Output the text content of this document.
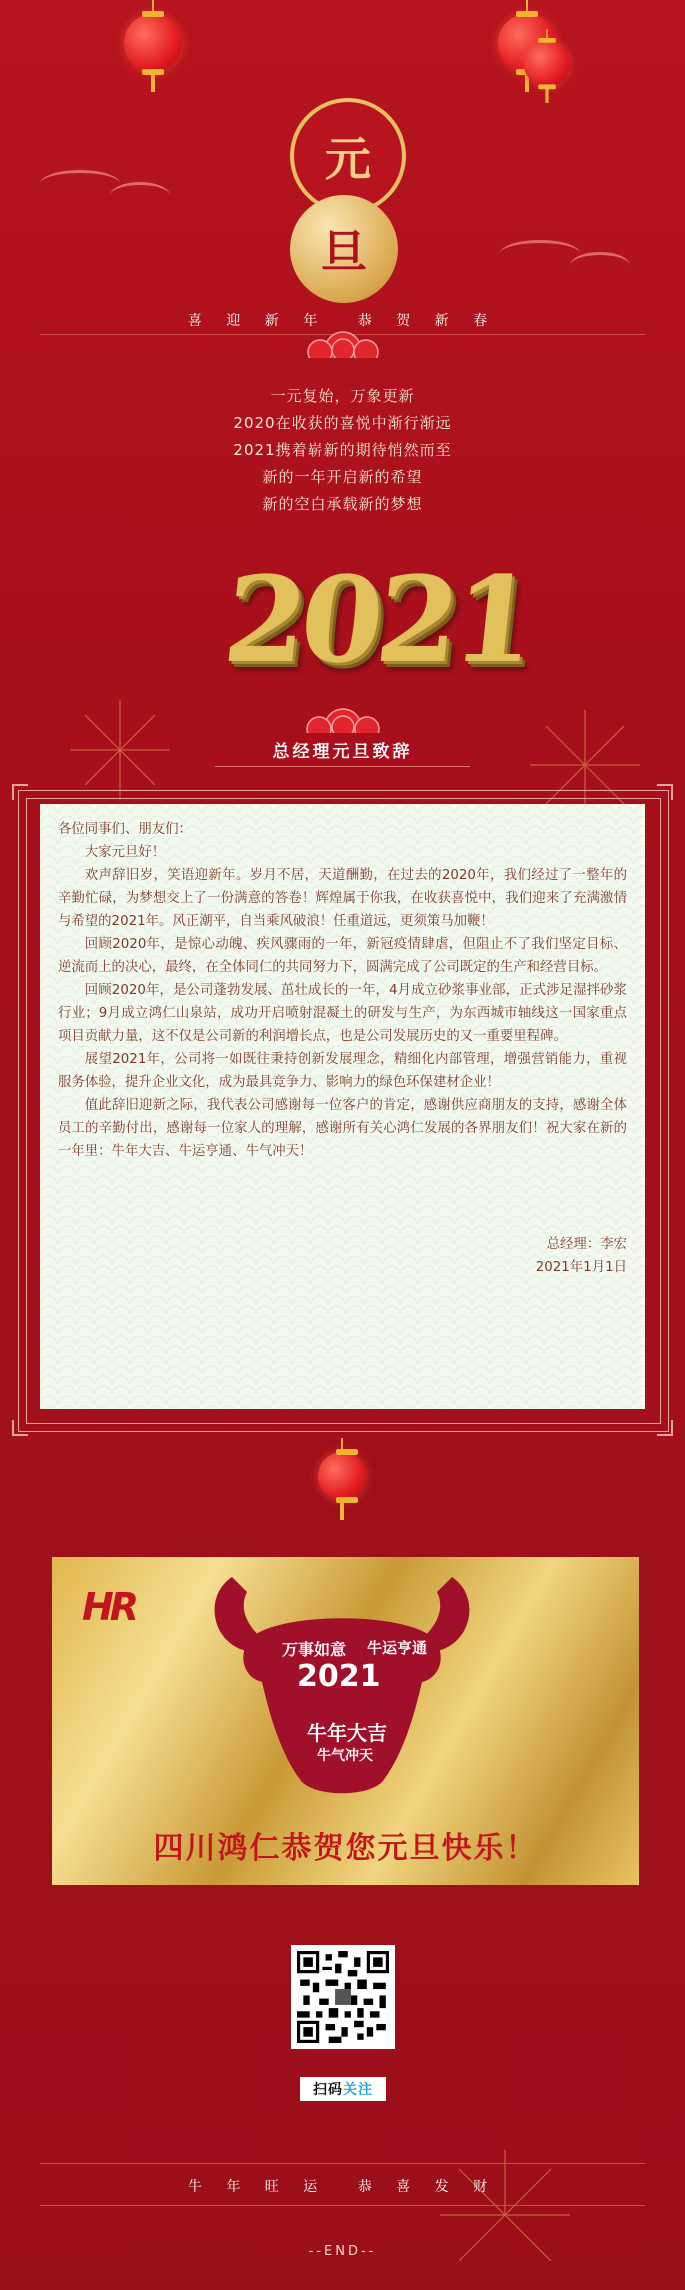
元
旦
喜 迎 新 年 恭 贺 新 春
一元复始，万象更新
2020在收获的喜悦中渐行渐远
2021携着崭新的期待悄然而至
新的一年开启新的希望
新的空白承载新的梦想
2021
总经理元旦致辞

各位同事们、朋友们：

大家元旦好！

欢声辞旧岁，笑语迎新年。岁月不居，天道酬勤，在过去的2020年，我们经过了一整年的辛勤忙碌，为梦想交上了一份满意的答卷！辉煌属于你我，在收获喜悦中，我们迎来了充满激情与希望的2021年。风正潮平，自当乘风破浪！任重道远，更须策马加鞭！

回顾2020年，是惊心动魄、疾风骤雨的一年，新冠疫情肆虐，但阻止不了我们坚定目标、逆流而上的决心，最终，在全体同仁的共同努力下，圆满完成了公司既定的生产和经营目标。

回顾2020年，是公司蓬勃发展、茁壮成长的一年，4月成立砂浆事业部，正式涉足湿拌砂浆行业；9月成立鸿仁山泉站，成功开启喷射混凝土的研发与生产，为东西城市轴线这一国家重点项目贡献力量，这不仅是公司新的利润增长点，也是公司发展历史的又一重要里程碑。

展望2021年，公司将一如既往秉持创新发展理念，精细化内部管理，增强营销能力，重视服务体验，提升企业文化，成为最具竞争力、影响力的绿色环保建材企业！

值此辞旧迎新之际，我代表公司感谢每一位客户的肯定，感谢供应商朋友的支持，感谢全体员工的辛勤付出，感谢每一位家人的理解，感谢所有关心鸿仁发展的各界朋友们！祝大家在新的一年里：牛年大吉、牛运亨通、牛气冲天！

总经理：李宏

2021年1月1日

HR
2021
万事如意 牛运亨通
牛年大吉
牛气冲天
四川鸿仁恭贺您元旦快乐！
扫码 关注
牛 年 旺 运 恭 喜 发 财
--END--
